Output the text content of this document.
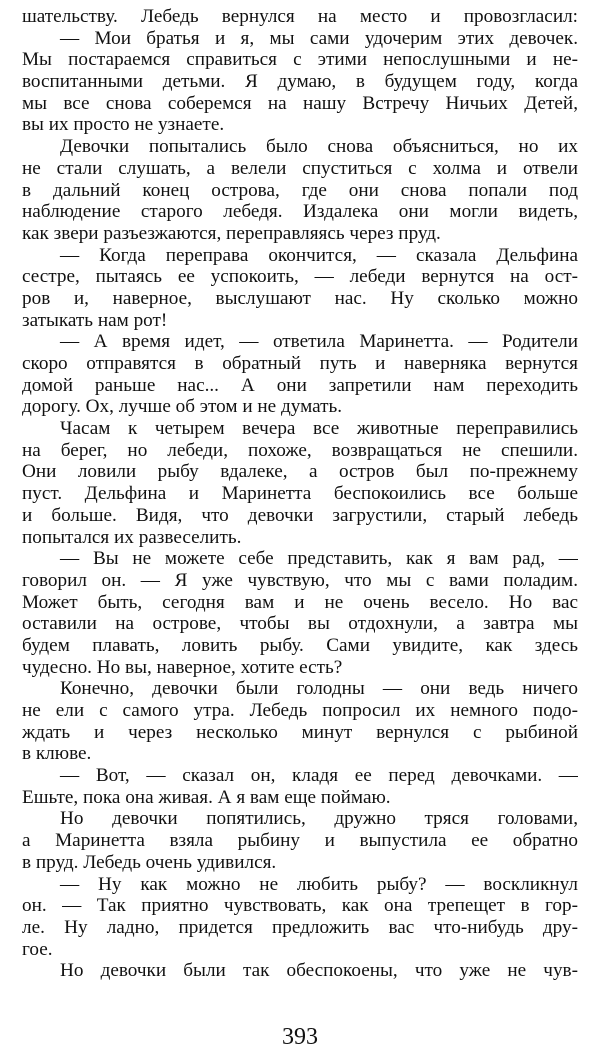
шательству. Лебедь вернулся на место и провозгласил:
— Мои братья и я, мы сами удочерим этих девочек.
Мы постараемся справиться с этими непослушными и не-
воспитанными детьми. Я думаю, в будущем году, когда
мы все снова соберемся на нашу Встречу Ничьих Детей,
вы их просто не узнаете.
Девочки попытались было снова объясниться, но их
не стали слушать, а велели спуститься с холма и отвели
в дальний конец острова, где они снова попали под
наблюдение старого лебедя. Издалека они могли видеть,
как звери разъезжаются, переправляясь через пруд.
— Когда переправа окончится, — сказала Дельфина
сестре, пытаясь ее успокоить, — лебеди вернутся на ост-
ров и, наверное, выслушают нас. Ну сколько можно
затыкать нам рот!
— А время идет, — ответила Маринетта. — Родители
скоро отправятся в обратный путь и наверняка вернутся
домой раньше нас... А они запретили нам переходить
дорогу. Ох, лучше об этом и не думать.
Часам к четырем вечера все животные переправились
на берег, но лебеди, похоже, возвращаться не спешили.
Они ловили рыбу вдалеке, а остров был по-прежнему
пуст. Дельфина и Маринетта беспокоились все больше
и больше. Видя, что девочки загрустили, старый лебедь
попытался их развеселить.
— Вы не можете себе представить, как я вам рад, —
говорил он. — Я уже чувствую, что мы с вами поладим.
Может быть, сегодня вам и не очень весело. Но вас
оставили на острове, чтобы вы отдохнули, а завтра мы
будем плавать, ловить рыбу. Сами увидите, как здесь
чудесно. Но вы, наверное, хотите есть?
Конечно, девочки были голодны — они ведь ничего
не ели с самого утра. Лебедь попросил их немного подо-
ждать и через несколько минут вернулся с рыбиной
в клюве.
— Вот, — сказал он, кладя ее перед девочками. —
Ешьте, пока она живая. А я вам еще поймаю.
Но девочки попятились, дружно тряся головами,
а Маринетта взяла рыбину и выпустила ее обратно
в пруд. Лебедь очень удивился.
— Ну как можно не любить рыбу? — воскликнул
он. — Так приятно чувствовать, как она трепещет в гор-
ле. Ну ладно, придется предложить вас что-нибудь дру-
гое.
Но девочки были так обеспокоены, что уже не чув-
393
